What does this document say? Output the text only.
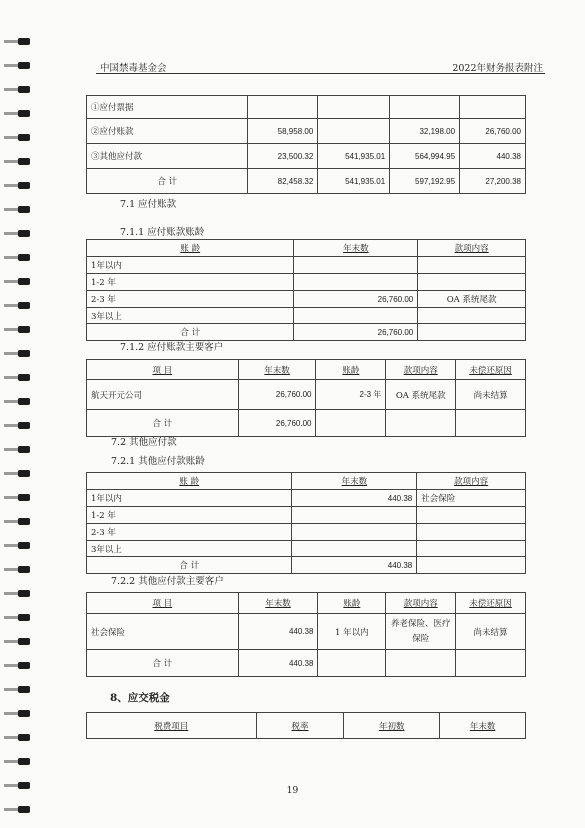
中国禁毒基金会	2022年财务报表附注
①应付票据				
②应付账款	58,958.00		32,198.00	26,760.00
③其他应付款	23,500.32	541,935.01	564,994.95	440.38
合 计	82,458.32	541,935.01	597,192.95	27,200.38
7.1 应付账款
7.1.1 应付账款账龄
账 龄	年末数	款项内容
1年以内		
1-2 年		
2-3 年	26,760.00	OA 系统尾款
3年以上		
合 计	26,760.00	
7.1.2 应付账款主要客户
项 目	年末数	账龄	款项内容	未偿还原因
航天开元公司	26,760.00	2-3 年	OA 系统尾款	尚未结算
合 计	26,760.00			
7.2 其他应付款
7.2.1 其他应付款账龄
账 龄	年末数	款项内容
1年以内	440.38	社会保险
1-2 年		
2-3 年		
3年以上		
合 计	440.38	
7.2.2 其他应付款主要客户
项 目	年末数	账龄	款项内容	未偿还原因
社会保险	440.38	1 年以内	养老保险、医疗保险	尚未结算
合 计	440.38			
8、应交税金
税费项目	税率	年初数	年末数
19
